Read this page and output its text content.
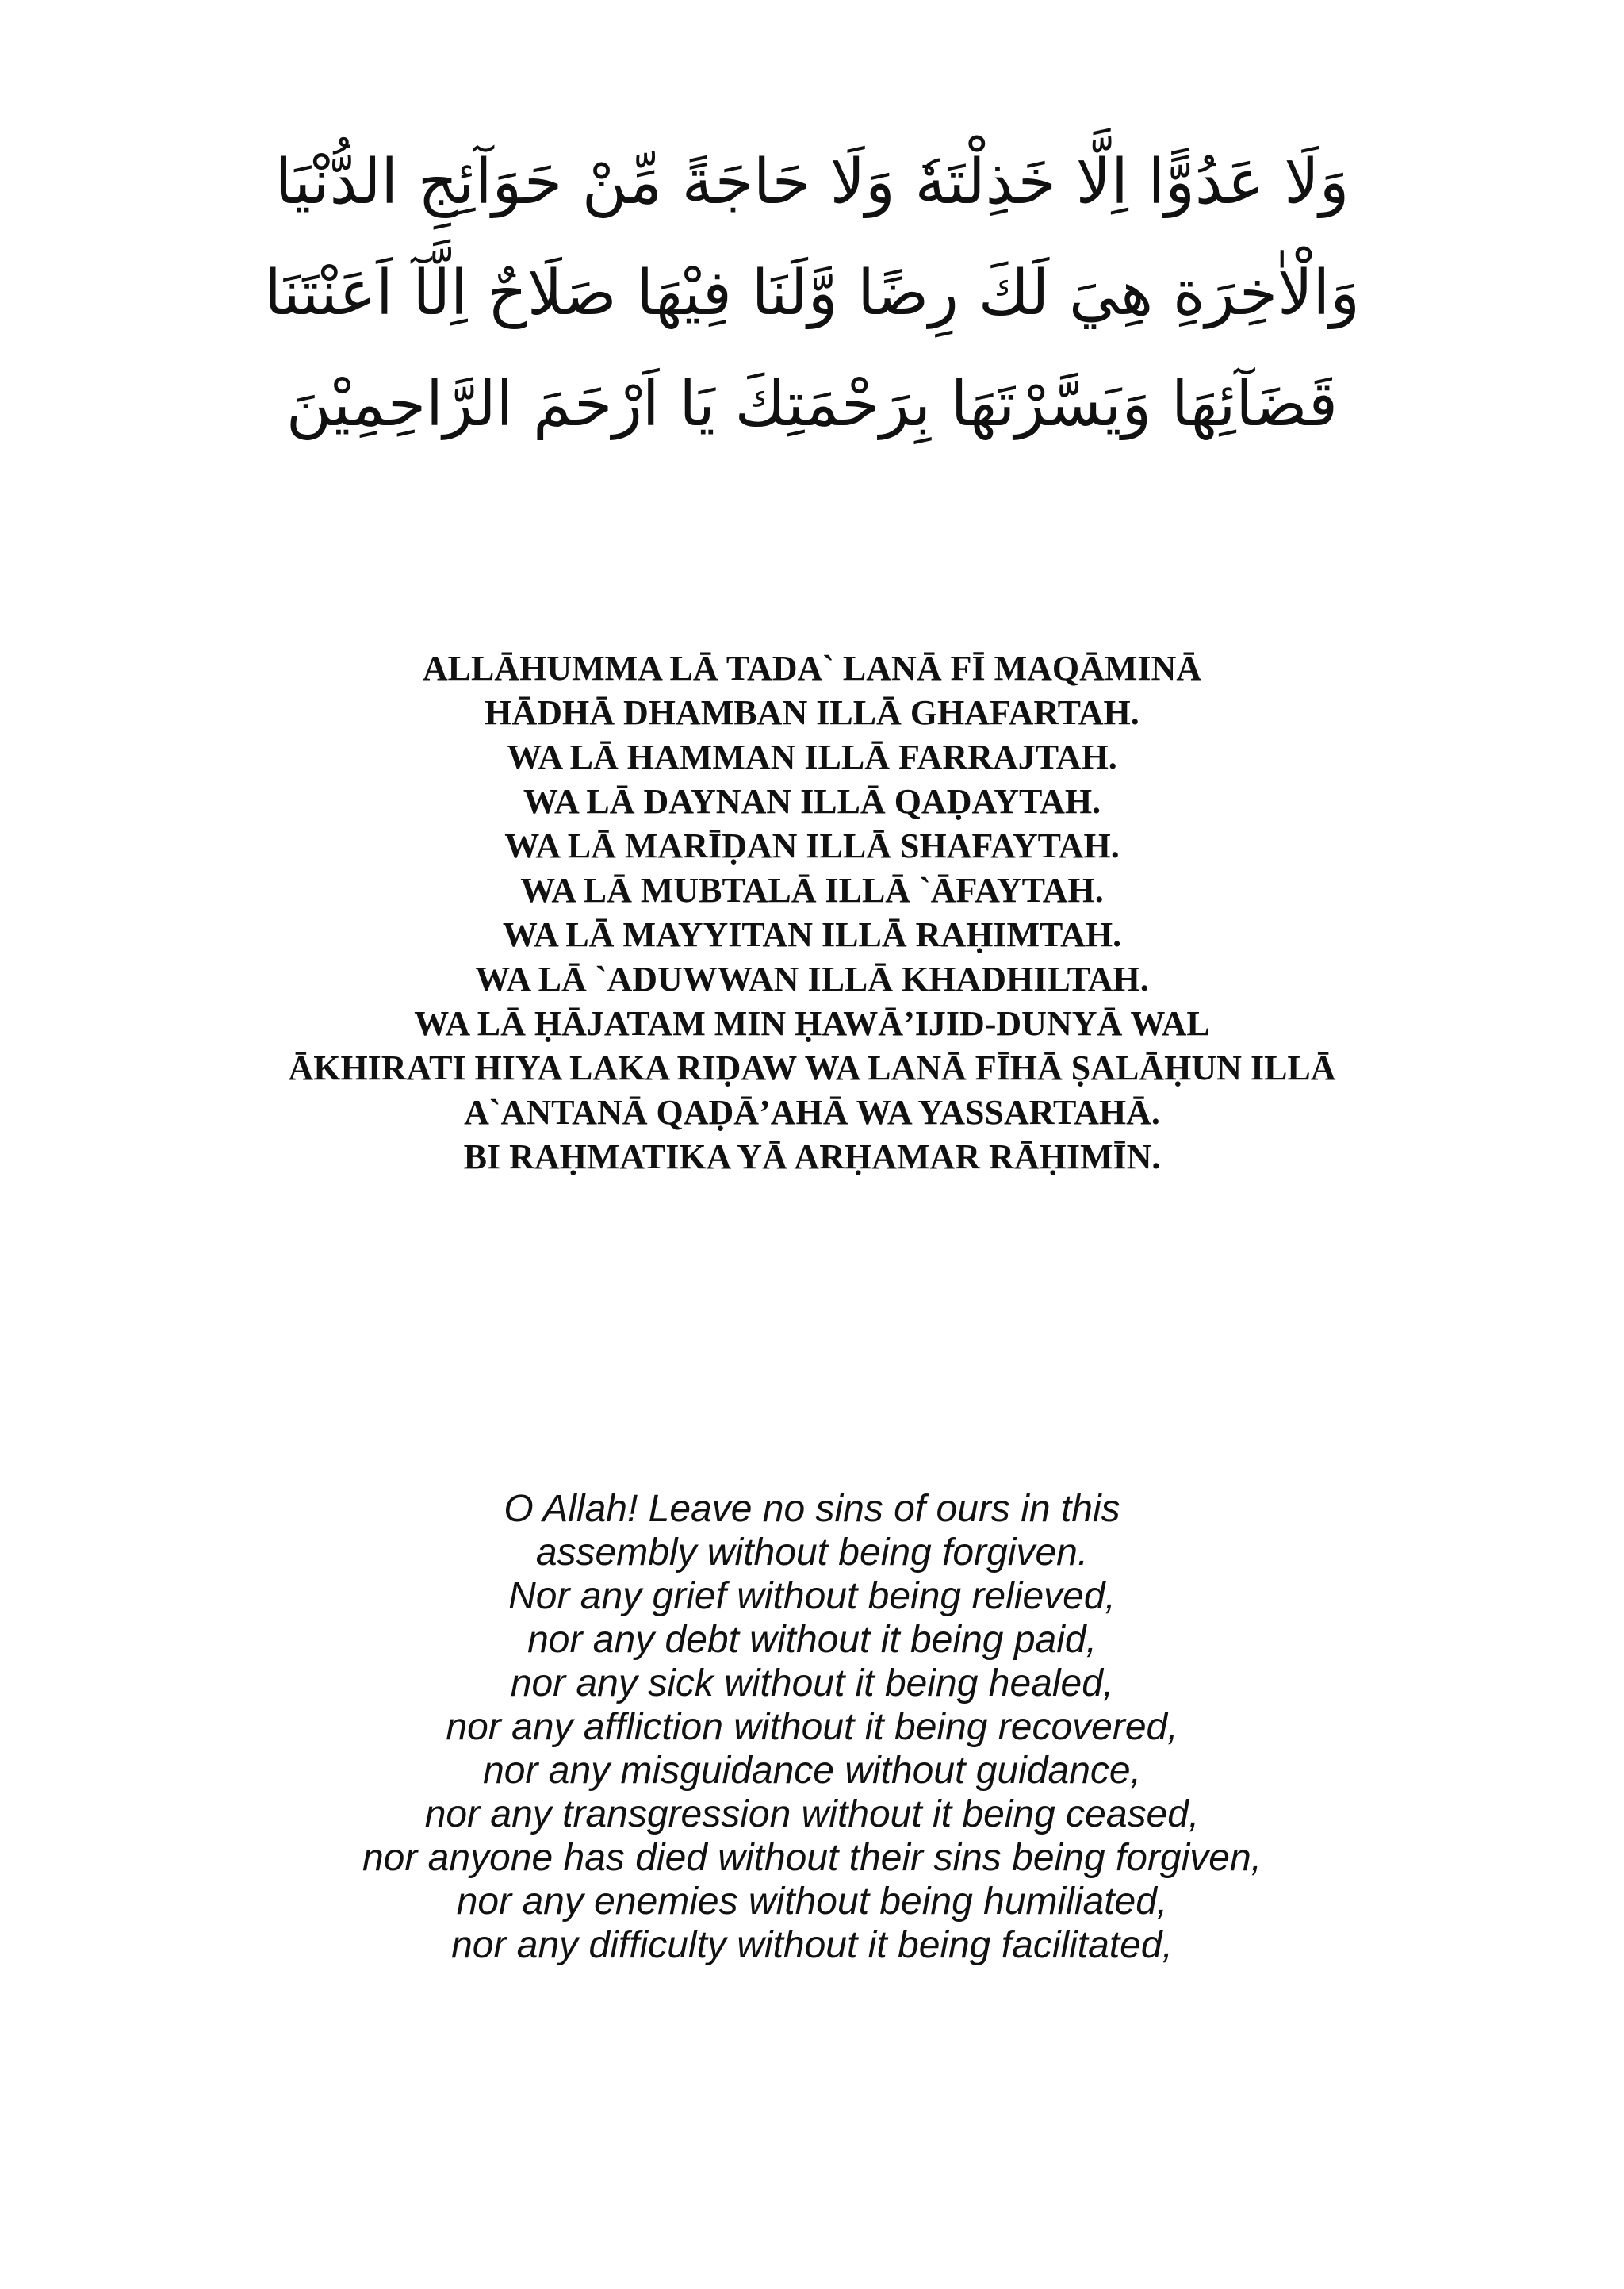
وَلَا عَدُوًّا اِلَّا خَذِلْتَهٗ وَلَا حَاجَةً مِّنْ حَوَآئِجِ الدُّنْيَا
وَالْاٰخِرَةِ هِيَ لَكَ رِضًا وَّلَنَا فِيْهَا صَلَاحٌ اِلَّآ اَعَنْتَنَا
قَضَآئِهَا وَيَسَّرْتَهَا بِرَحْمَتِكَ يَا اَرْحَمَ الرَّاحِمِيْنَ
ALLĀHUMMA LĀ TADA` LANĀ FĪ MAQĀMINĀ
HĀDHĀ DHAMBAN ILLĀ GHAFARTAH.
WA LĀ HAMMAN ILLĀ FARRAJTAH.
WA LĀ DAYNAN ILLĀ QAḌAYTAH.
WA LĀ MARĪḌAN ILLĀ SHAFAYTAH.
WA LĀ MUBTALĀ ILLĀ `ĀFAYTAH.
WA LĀ MAYYITAN ILLĀ RAḤIMTAH.
WA LĀ `ADUWWAN ILLĀ KHADHILTAH.
WA LĀ ḤĀJATAM MIN ḤAWĀ’IJID-DUNYĀ WAL
ĀKHIRATI HIYA LAKA RIḌAW WA LANĀ FĪHĀ ṢALĀḤUN ILLĀ
A`ANTANĀ QAḌĀ’AHĀ WA YASSARTAHĀ.
BI RAḤMATIKA YĀ ARḤAMAR RĀḤIMĪN.
O Allah! Leave no sins of ours in this
assembly without being forgiven.
Nor any grief without being relieved,
nor any debt without it being paid,
nor any sick without it being healed,
nor any affliction without it being recovered,
nor any misguidance without guidance,
nor any transgression without it being ceased,
nor anyone has died without their sins being forgiven,
nor any enemies without being humiliated,
nor any difficulty without it being facilitated,
